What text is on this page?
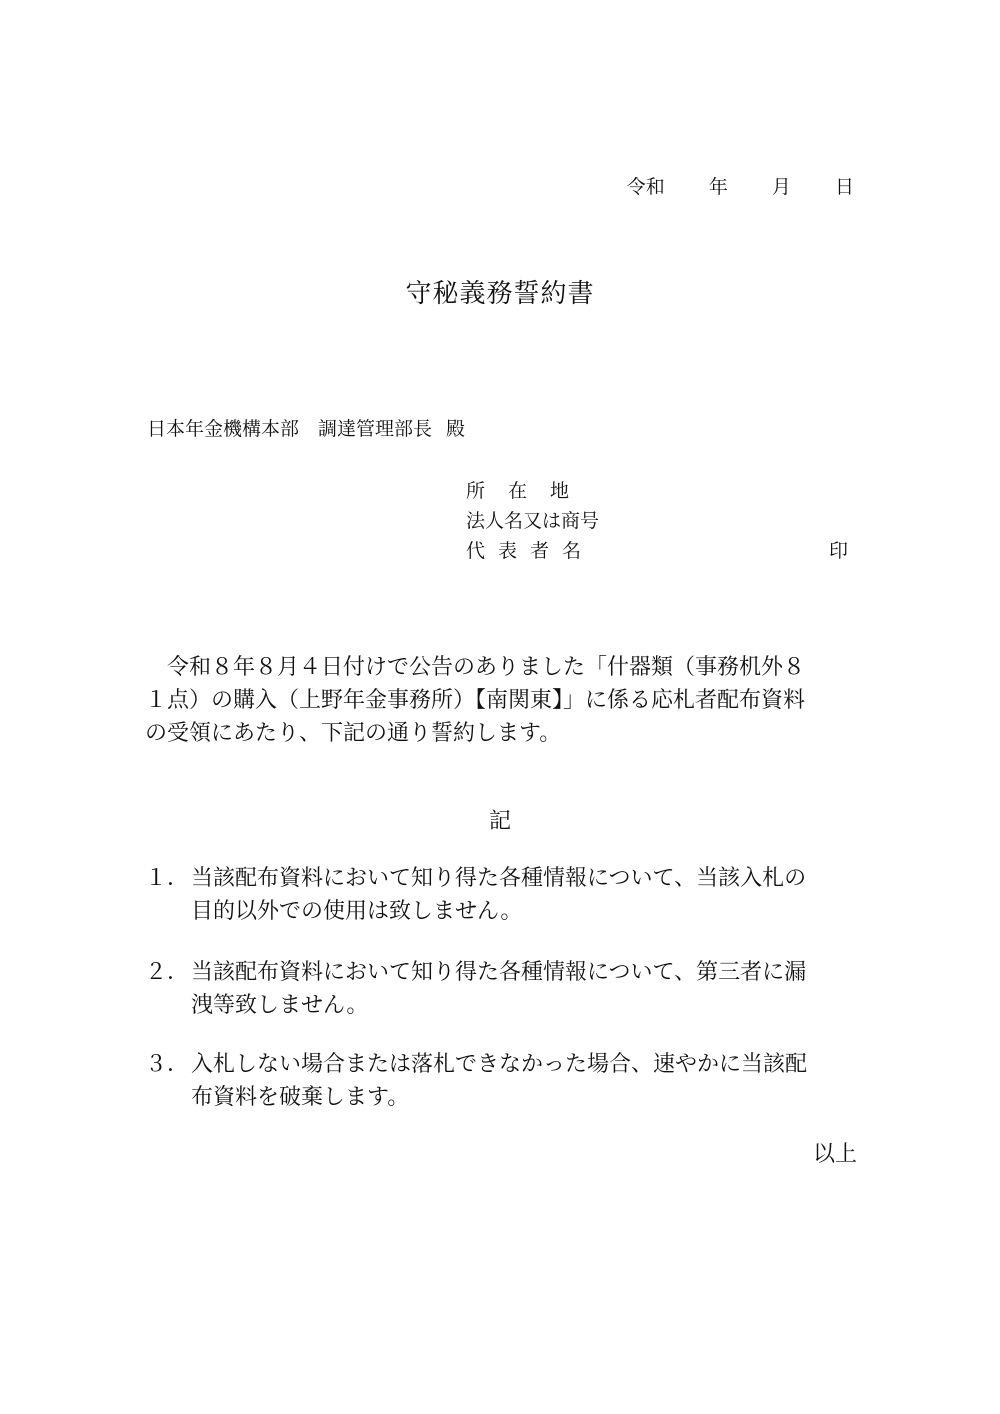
令和 年 月 日
守秘義務誓約書
日本年金機構本部　調達管理部長 殿
所在地
法人名又は商号
代表者名	印
　令和８年８月４日付けで公告のありました「什器類（事務机外８
１点）の購入（上野年金事務所）【南関東】」に係る応札者配布資料
の受領にあたり、下記の通り誓約します。
記
１． 当該配布資料において知り得た各種情報について、当該入札の
目的以外での使用は致しません。
２． 当該配布資料において知り得た各種情報について、第三者に漏
洩等致しません。
３． 入札しない場合または落札できなかった場合、速やかに当該配
布資料を破棄します。
以上
